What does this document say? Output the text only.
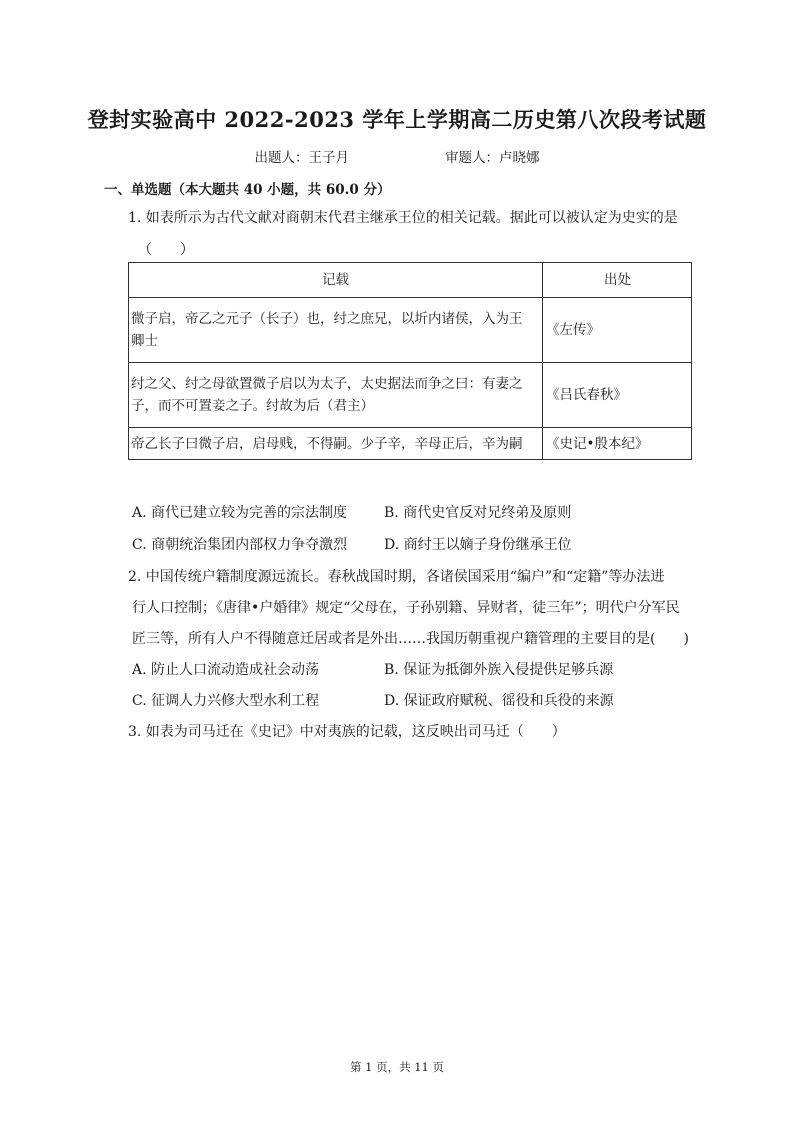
登封实验高中 2022-2023 学年上学期高二历史第八次段考试题
出题人：王子月	审题人：卢晓娜
一、单选题（本大题共 40 小题，共 60.0 分）
1. 如表所示为古代文献对商朝末代君主继承王位的相关记载。据此可以被认定为史实的是
（　　）
记载	出处

微子启，帝乙之元子（长子）也，纣之庶兄，以圻内诸侯，入为王
卿士	《左传》

纣之父、纣之母欲置微子启以为太子，太史据法而争之曰：有妻之
子，而不可置妾之子。纣故为后（君主）	《吕氏春秋》

帝乙长子曰微子启，启母贱，不得嗣。少子辛，辛母正后，辛为嗣	《史记•殷本纪》
A. 商代已建立较为完善的宗法制度	B. 商代史官反对兄终弟及原则
C. 商朝统治集团内部权力争夺激烈	D. 商纣王以嫡子身份继承王位
2. 中国传统户籍制度源远流长。春秋战国时期，各诸侯国采用“编户”和“定籍”等办法进
行人口控制；《唐律•户婚律》规定“父母在，子孙别籍、异财者，徒三年”；明代户分军民
匠三等，所有人户不得随意迁居或者是外出……我国历朝重视户籍管理的主要目的是(　　)
A. 防止人口流动造成社会动荡	B. 保证为抵御外族入侵提供足够兵源
C. 征调人力兴修大型水利工程	D. 保证政府赋税、徭役和兵役的来源
3. 如表为司马迁在《史记》中对夷族的记载，这反映出司马迁（　　）
第 1 页，共 11 页
